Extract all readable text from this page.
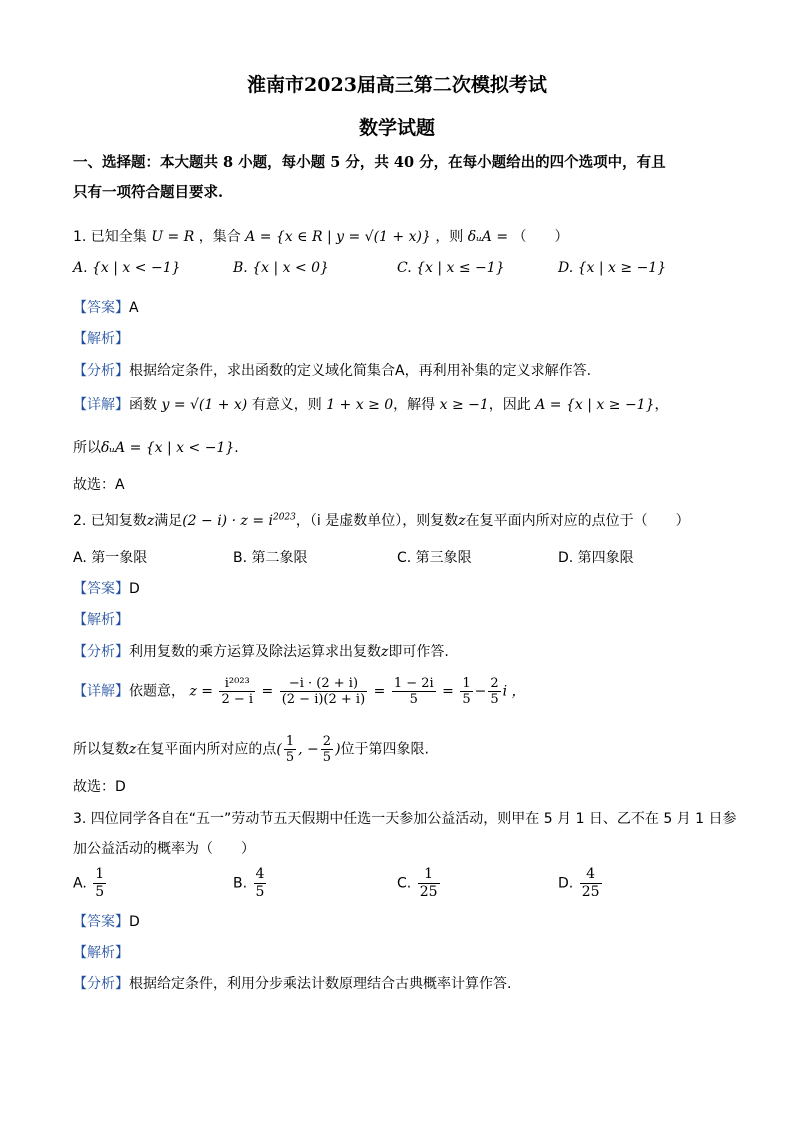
淮南市2023届高三第二次模拟考试
数学试题
一、选择题：本大题共 8 小题，每小题 5 分，共 40 分，在每小题给出的四个选项中，有且
只有一项符合题目要求.
1. 已知全集 U = R ，集合 A = {x ∈ R | y = √(1 + x)} ，则 ẟᵤA = （　　）
A. {x | x < −1}	B. {x | x < 0}	C. {x | x ≤ −1}	D. {x | x ≥ −1}
【答案】A
【解析】
【分析】根据给定条件，求出函数的定义域化简集合A，再利用补集的定义求解作答.
【详解】函数 y = √(1 + x) 有意义，则 1 + x ≥ 0，解得 x ≥ −1，因此 A = {x | x ≥ −1}，
所以ẟᵤA = {x | x < −1}.
故选：A
2. 已知复数z满足$(2 - i) \cdot z = i^{2023}$，（i 是虚数单位），则复数z在复平面内所对应的点位于（　　）
A. 第一象限	B. 第二象限	C. 第三象限	D. 第四象限
【答案】D
【解析】
【分析】利用复数的乘方运算及除法运算求出复数z即可作答.
【详解】依题意， $z = \frac{\text{i²⁰²³}}{2 - i} = \frac{-i \cdot (2 + i)}{(2 - i)(2 + i)} = \frac{1 - 2i}{5} = \frac{1}{5} - \frac{2}{5}$ i ，
所以复数z在复平面内所对应的点( $\frac{1}{5}$ , − $\frac{2}{5}$ )位于第四象限.
故选：D
3. 四位同学各自在“五一”劳动节五天假期中任选一天参加公益活动，则甲在 5 月 1 日、乙不在 5 月 1 日参
加公益活动的概率为（　　）
A. $\frac{1}{5}$	B. $\frac{4}{5}$	C. $\frac{1}{25}$	D. $\frac{4}{25}$
【答案】D
【解析】
【分析】根据给定条件，利用分步乘法计数原理结合古典概率计算作答.
